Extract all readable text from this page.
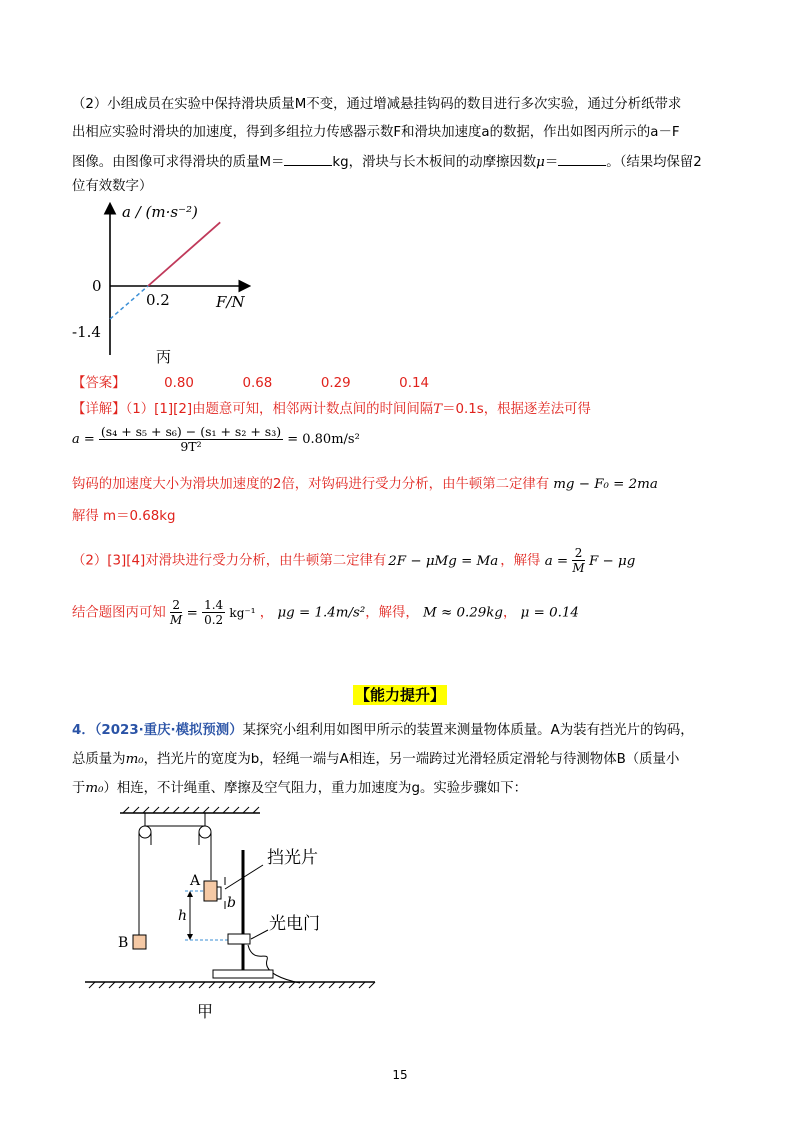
（2）小组成员在实验中保持滑块质量M不变，通过增减悬挂钩码的数目进行多次实验，通过分析纸带求
出相应实验时滑块的加速度，得到多组拉力传感器示数F和滑块加速度a的数据，作出如图丙所示的a－F
图像。由图像可求得滑块的质量M＝	kg，滑块与长木板间的动摩擦因数μ＝	。（结果均保留2
位有效数字）
a / (m·s⁻²)
F/N
0
0.2
-1.4
丙
【答案】	0.80	0.68	0.29	0.14
【详解】（1）[1][2]由题意可知，相邻两计数点间的时间间隔T＝0.1s，根据逐差法可得
$a = \frac{\text{(s₄ + s₅ + s₆) − (s₁ + s₂ + s₃)}}{\text{9T²}} = 0.80m/s^2$
钩码的加速度大小为滑块加速度的2倍，对钩码进行受力分析，由牛顿第二定律有 mg − F₀ = 2ma
解得 m＝0.68kg
（2）[3][4]对滑块进行受力分析，由牛顿第二定律有 2F − μMg = Ma ，解得 $a = \frac{2}{M}$ F − μg
结合题图丙可知 $\frac{2}{M} = \frac{1.4}{0.2} kg^{-1}$ ， μg = 1.4m/s²，解得， M ≈ 0.29kg， μ = 0.14
【能力提升】
4．（2023·重庆·模拟预测）某探究小组利用如图甲所示的装置来测量物体质量。A为装有挡光片的钩码，
总质量为m₀，挡光片的宽度为b，轻绳一端与A相连，另一端跨过光滑轻质定滑轮与待测物体B（质量小
于m₀）相连，不计绳重、摩擦及空气阻力，重力加速度为g。实验步骤如下：
B
A
h
b
挡光片
光电门
甲
15
